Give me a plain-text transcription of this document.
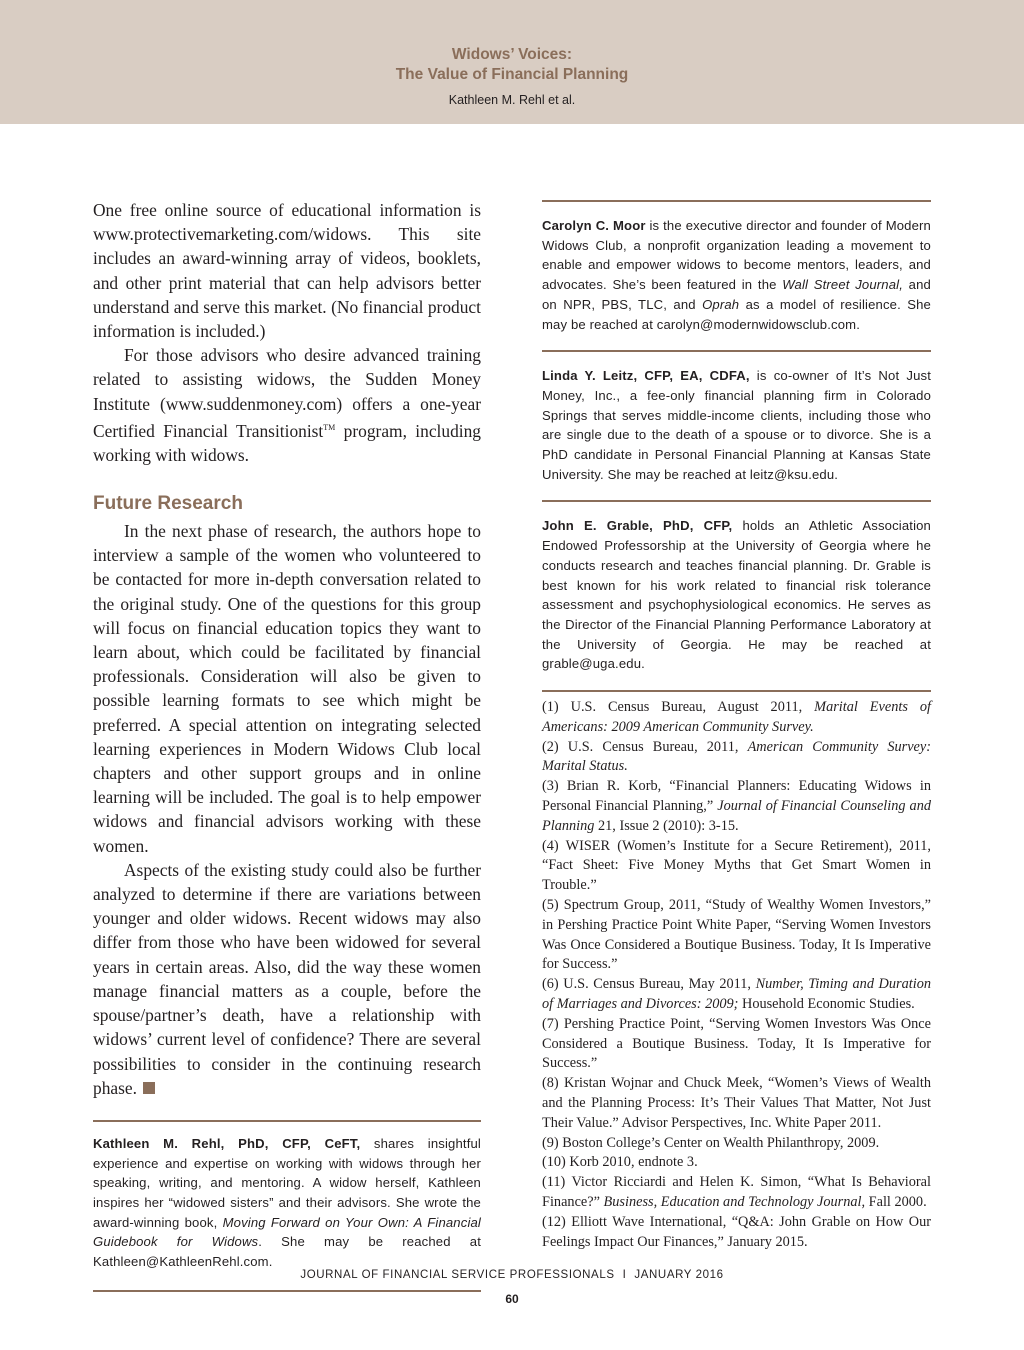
Widows’ Voices:
The Value of Financial Planning
Kathleen M. Rehl et al.

One free online source of educational information is www.protectivemarketing.com/widows. This site includes an award-winning array of videos, booklets, and other print material that can help advisors better understand and serve this market. (No financial product information is included.)

For those advisors who desire advanced training related to assisting widows, the Sudden Money Institute (www.suddenmoney.com) offers a one-year Certified Financial Transitionist™ program, including working with widows.

Future Research

In the next phase of research, the authors hope to interview a sample of the women who volunteered to be contacted for more in-depth conversation related to the original study. One of the questions for this group will focus on financial education topics they want to learn about, which could be facilitated by financial professionals. Consideration will also be given to possible learning formats to see which might be preferred. A special attention on integrating selected learning experiences in Modern Widows Club local chapters and other support groups and in online learning will be included. The goal is to help empower widows and financial advisors working with these women.

Aspects of the existing study could also be further analyzed to determine if there are variations between younger and older widows. Recent widows may also differ from those who have been widowed for several years in certain areas. Also, did the way these women manage financial matters as a couple, before the spouse/partner’s death, have a relationship with widows’ current level of confidence? There are several possibilities to consider in the continuing research phase.

Kathleen M. Rehl, PhD, CFP, CeFT, shares insightful experience and expertise on working with widows through her speaking, writing, and mentoring. A widow herself, Kathleen inspires her “widowed sisters” and their advisors. She wrote the award-winning book, Moving Forward on Your Own: A Financial Guidebook for Widows. She may be reached at Kathleen@KathleenRehl.com.

Carolyn C. Moor is the executive director and founder of Modern Widows Club, a nonprofit organization leading a movement to enable and empower widows to become mentors, leaders, and advocates. She’s been featured in the Wall Street Journal, and on NPR, PBS, TLC, and Oprah as a model of resilience. She may be reached at carolyn@modernwidowsclub.com.

Linda Y. Leitz, CFP, EA, CDFA, is co-owner of It’s Not Just Money, Inc., a fee-only financial planning firm in Colorado Springs that serves middle-income clients, including those who are single due to the death of a spouse or to divorce. She is a PhD candidate in Personal Financial Planning at Kansas State University. She may be reached at leitz@ksu.edu.

John E. Grable, PhD, CFP, holds an Athletic Association Endowed Professorship at the University of Georgia where he conducts research and teaches financial planning. Dr. Grable is best known for his work related to financial risk tolerance assessment and psychophysiological economics. He serves as the Director of the Financial Planning Performance Laboratory at the University of Georgia. He may be reached at grable@uga.edu.

(1) U.S. Census Bureau, August 2011, Marital Events of Americans: 2009 American Community Survey.

(2) U.S. Census Bureau, 2011, American Community Survey: Marital Status.

(3) Brian R. Korb, “Financial Planners: Educating Widows in Personal Financial Planning,” Journal of Financial Counseling and Planning 21, Issue 2 (2010): 3-15.

(4) WISER (Women’s Institute for a Secure Retirement), 2011, “Fact Sheet: Five Money Myths that Get Smart Women in Trouble.”

(5) Spectrum Group, 2011, “Study of Wealthy Women Investors,” in Pershing Practice Point White Paper, “Serving Women Investors Was Once Considered a Boutique Business. Today, It Is Imperative for Success.”

(6) U.S. Census Bureau, May 2011, Number, Timing and Duration of Marriages and Divorces: 2009; Household Economic Studies.

(7) Pershing Practice Point, “Serving Women Investors Was Once Considered a Boutique Business. Today, It Is Imperative for Success.”

(8) Kristan Wojnar and Chuck Meek, “Women’s Views of Wealth and the Planning Process: It’s Their Values That Matter, Not Just Their Value.” Advisor Perspectives, Inc. White Paper 2011.

(9) Boston College’s Center on Wealth Philanthropy, 2009.

(10) Korb 2010, endnote 3.

(11) Victor Ricciardi and Helen K. Simon, “What Is Behavioral Finance?” Business, Education and Technology Journal, Fall 2000.

(12) Elliott Wave International, “Q&A: John Grable on How Our Feelings Impact Our Finances,” January 2015.

JOURNAL OF FINANCIAL SERVICE PROFESSIONALS I JANUARY 2016
60
